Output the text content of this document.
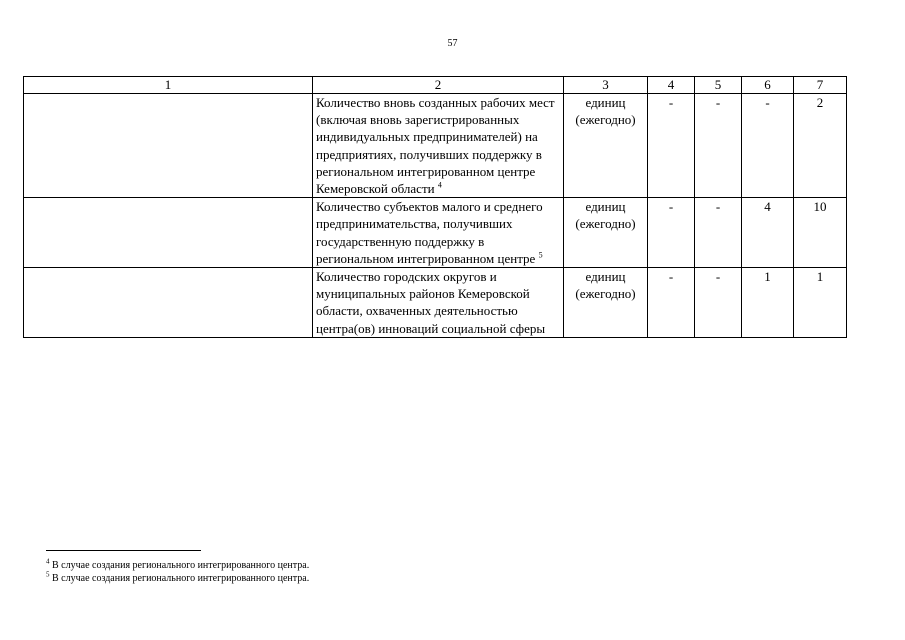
57
1	2	3	4	5	6	7
	Количество вновь созданных рабочих мест (включая вновь зарегистрированных индивидуальных предпринимателей) на предприятиях, получивших поддержку в региональном интегрированном центре Кемеровской области $^4$	единиц (ежегодно)	-	-	-	2
	Количество субъектов малого и среднего предпринимательства, получивших государственную поддержку в региональном интегрированном центре $^5$	единиц (ежегодно)	-	-	4	10
	Количество городских округов и муниципальных районов Кемеровской области, охваченных деятельностью центра(ов) инноваций социальной сферы	единиц (ежегодно)	-	-	1	1
$^4$ В случае создания регионального интегрированного центра.
$^5$ В случае создания регионального интегрированного центра.
